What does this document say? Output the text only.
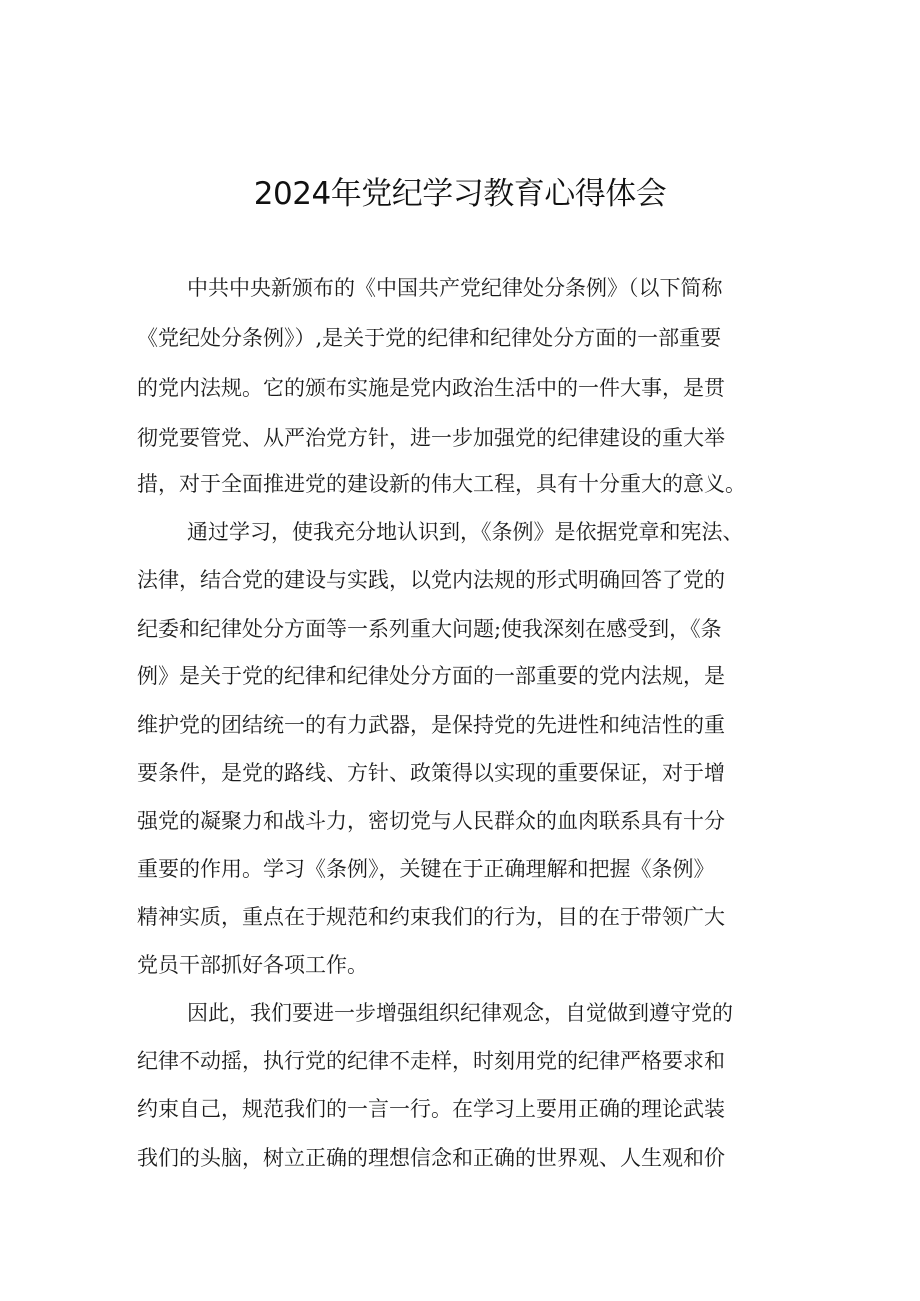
2024年党纪学习教育心得体会
中共中央新颁布的《中国共产党纪律处分条例》（以下简称
《党纪处分条例》）,是关于党的纪律和纪律处分方面的一部重要
的党内法规。它的颁布实施是党内政治生活中的一件大事，是贯
彻党要管党、从严治党方针，进一步加强党的纪律建设的重大举
措，对于全面推进党的建设新的伟大工程，具有十分重大的意义。
通过学习，使我充分地认识到，《条例》是依据党章和宪法、
法律，结合党的建设与实践，以党内法规的形式明确回答了党的
纪委和纪律处分方面等一系列重大问题;使我深刻在感受到，《条
例》是关于党的纪律和纪律处分方面的一部重要的党内法规，是
维护党的团结统一的有力武器，是保持党的先进性和纯洁性的重
要条件，是党的路线、方针、政策得以实现的重要保证，对于增
强党的凝聚力和战斗力，密切党与人民群众的血肉联系具有十分
重要的作用。学习《条例》，关键在于正确理解和把握《条例》
精神实质，重点在于规范和约束我们的行为，目的在于带领广大
党员干部抓好各项工作。
因此，我们要进一步增强组织纪律观念，自觉做到遵守党的
纪律不动摇，执行党的纪律不走样，时刻用党的纪律严格要求和
约束自己，规范我们的一言一行。在学习上要用正确的理论武装
我们的头脑，树立正确的理想信念和正确的世界观、人生观和价
